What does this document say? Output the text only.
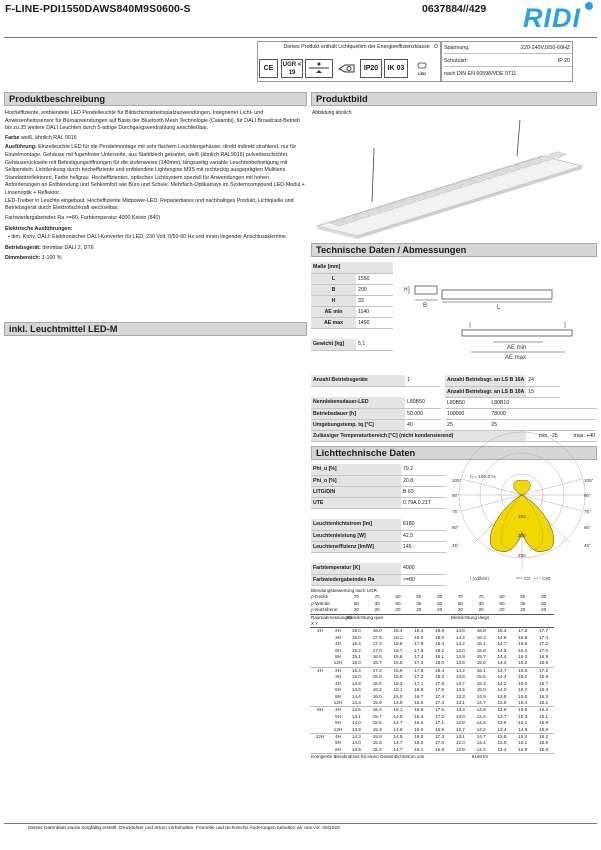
F-LINE-PDI1550DAWS840M9S0600-S	0637884//429 RIDI
Dieses Produkt enthält Lichtquellen der Energieeffizienzklasse D
CE	UGR < 19
IP20	IK 03
LED
Spannung,	220-240V,0/50-60HZ
Schutzart:	IP 20
nach DIN EN 60598/VDE 0711
Produktbeschreibung	Produktbild

Hocheffiziente, entblendete LED Pendelleuchte für Bildschirmarbeitsplatzanwendungen. Integrierter Licht- und Anwesenheitssensor für Büroanwendungen auf Basis der Bluetooth Mesh Technologie (Casambi), für DALI Broadcast-Betrieb bis zu 35 weitere DALI Leuchten durch 5-adrige Durchgangsverdrahtung anschließbar.

Farbe weiß, ähnlich RAL 9016

Ausführung: Einzelleuchte LED für die Pendelmontage mit sehr flachem Leuchtengehäuse, direkt indirekt strahlend, nur für Einzelmontage. Gehäuse mit fugenfreier Unterseite, aus Stahlblech gekantet, weiß (ähnlich RAL9016) pulverbeschichtet. Gehäuserückseite mit Befestigungsöffnungen für die stufenweise (140mm), längsseitig variable Leuchtenbefestigung mit Seilpendeln. Lichtlenkung durch hocheffiziente und entblendete Lightengine M9S mit rechteckig ausgeprägten Multilens Standardreflektoren, Farbe hellgrau. Hocheffizientes, optisches Lichtsystem speziell für Anwendungen mit hohen Anforderungen an Entblendung und Sehkomfort wie Büro und Schule. Mehrfach-Optikarrays im Systemcompound LED-Modul + Linsenoptik + Reflektor.

LED-Treiber in Leuchte eingebaut. Hocheffiziente Midpower-LED. Reparierbares und nachhaltiges Produkt, Lichtquelle und Betriebsgerät durch Elektrofachkraft wechselbar.

Farbwiedergabeindex Ra >=80, Farbtemperatur 4000 Kelvin (840)

Elektrische Ausführungen:

• dim. Konv. DALI: Elektronischer DALI-Konverter für LED, 230 Volt, 0/50-60 Hz und innen liegender Anschlussklemme.

Betriebsgerät: dimmbar DALI 2, DT6

Dimmbereich: 1-100 %

inkl. Leuchtmittel LED-M
Abbildung ähnlich
Technische Daten / Abmessungen
Maße [mm]	
L	1550
B	200
H	33
AE min	1140
AE max	1490

Gewicht [kg]	5,1
B
H
L
AE min
AE max
Anzahl Betriebsgeräte	1		Anzahl Betriebsgr. an LS B 16A		24	
			Anzahl Betriebsgr. an LS B 10A		15	
Nennlebensdauer-LED	L80B50		L80B50	L80B10		
Betriebsdauer [h]	50.000		100000	78000		
Umgebungstemp. tq [°C]	40		25	25		
Zulässiger Temperaturbereich [°C] (nicht kondensierend)					min. -25	max. +40
Lichttechnische Daten
Phi_u [%]	79.2
Phi_o [%]	20.8
LITG/DIN	B 63
UTE	0.79A 0.21T

Leuchtenlichtstrom [lm]	6180
Leuchtenleistung [W]	42,5
Leuchteneffizienz [lm/W]	145

Farbtemperatur [K]	4000
Farbwiedergabeindex Ra	>=80
η = 100.0 %
105°
90°
75°
60°
45°
105°
90°
75°
60°
45°
150
300
450
I (cd/klm)	C0	C90
Blendungsbewertung nach UGR											
ρ-Decke		70	70	50	50	30	70	70	50	50	30
ρ-Wände		50	30	50	30	30	50	30	50	30	30
ρ-Nutzebene		20	20	20	20	20	20	20	20	20	20
Raumabmessungen		Blickrichtung quer					Blickrichtung längs				
X Y											
2H	2H	16.0	16.0	16.4	18.4	18.9	14.8	16.8	15.2	17.2	17.7
	3H	15.0	17.5	18.1	18.0	18.0	14.4	16.3	14.9	16.8	17.4
	4H	15.4	17.3	15.9	17.8	18.4	14.2	16.1	14.7	16.6	17.2
	6H	15.2	17.0	15.7	17.6	18.2	14.0	15.8	14.5	16.4	17.0
	8H	15.1	16.9	15.6	17.4	18.1	13.9	15.7	14.4	16.3	16.9
	12H	15.0	16.7	15.5	17.3	18.0	13.8	15.6	14.3	16.2	16.8
4H	2H	15.4	17.3	15.9	17.8	18.4	14.2	16.1	14.7	16.6	17.2
	3H	15.0	16.8	15.5	17.3	18.0	13.8	15.6	14.4	16.2	16.9
	4H	14.8	16.5	15.3	17.1	17.8	13.7	15.3	14.2	16.0	16.7
	6H	14.6	16.2	15.1	16.8	17.5	13.5	15.0	14.0	15.7	16.4
	8H	14.4	16.0	15.0	16.7	17.4	13.3	14.9	13.9	15.5	16.3
	12H	14.3	15.9	14.9	16.5	17.3	13.1	14.7	13.8	15.4	16.2
8H	4H	14.5	16.2	15.1	16.8	17.5	13.3	14.9	13.9	15.5	16.3
	6H	14.1	15.7	14.8	16.4	17.2	13.0	14.4	13.7	15.3	15.1
	8H	14.0	15.5	14.7	16.2	17.1	12.9	14.4	13.6	15.1	15.9
	12H	13.9	15.3	14.6	16.0	16.9	12.7	14.2	13.4	14.9	15.8
12H	4H	14.3	15.8	14.9	16.5	17.3	13.1	14.7	13.8	15.4	16.2
	6H	14.0	15.5	14.7	16.2	17.0	12.0	14.4	13.5	15.1	15.9
	8H	13.9	15.3	14.7	16.1	16.9	12.8	14.2	13.4	14.9	15.8
Korrigierte Blendindizes für einen Gesamtlichtstrom von								6180 lm			
Dieses Datenblatt wurde sorgfältig erstellt. Druckfehler und Irrtum vorbehalten. Formelle und technische Änderungen behalten wir uns vor. 08/2023
